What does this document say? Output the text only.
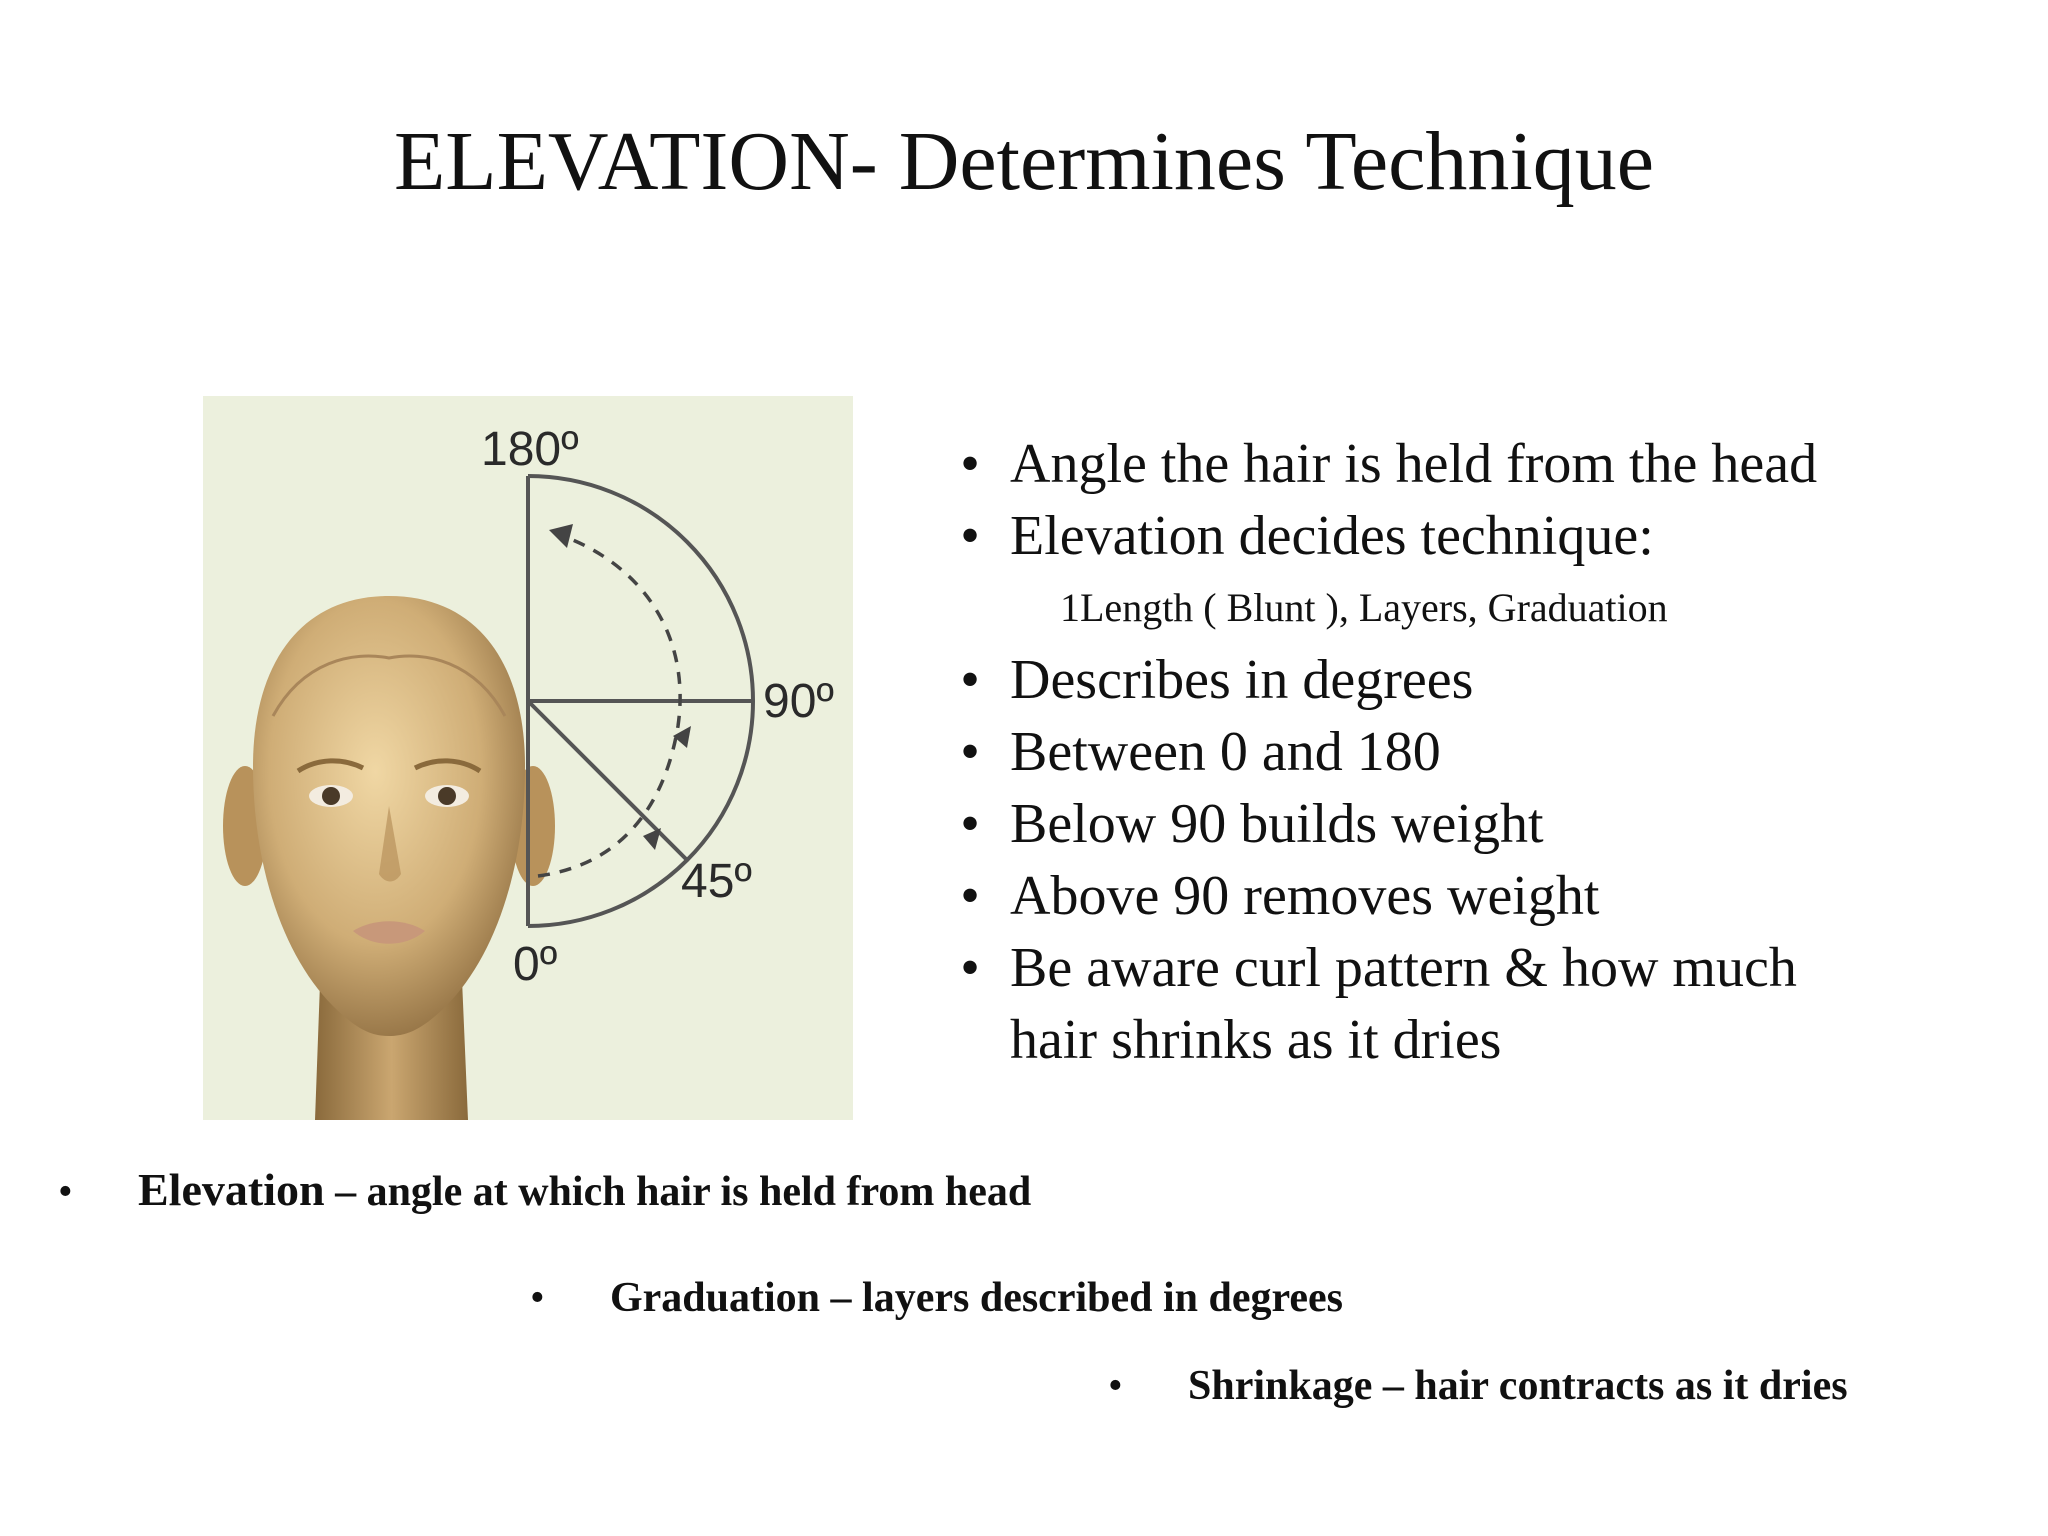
ELEVATION- Determines Technique
180º
90º
45º
0º
• Angle the hair is held from the head
• Elevation decides technique:
1Length ( Blunt ), Layers, Graduation
• Describes in degrees
• Between 0 and 180
• Below 90 builds weight
• Above 90 removes weight
• Be aware curl pattern & how much
hair shrinks as it dries
• Elevation – angle at which hair is held from head
• Graduation – layers described in degrees
• Shrinkage – hair contracts as it dries
